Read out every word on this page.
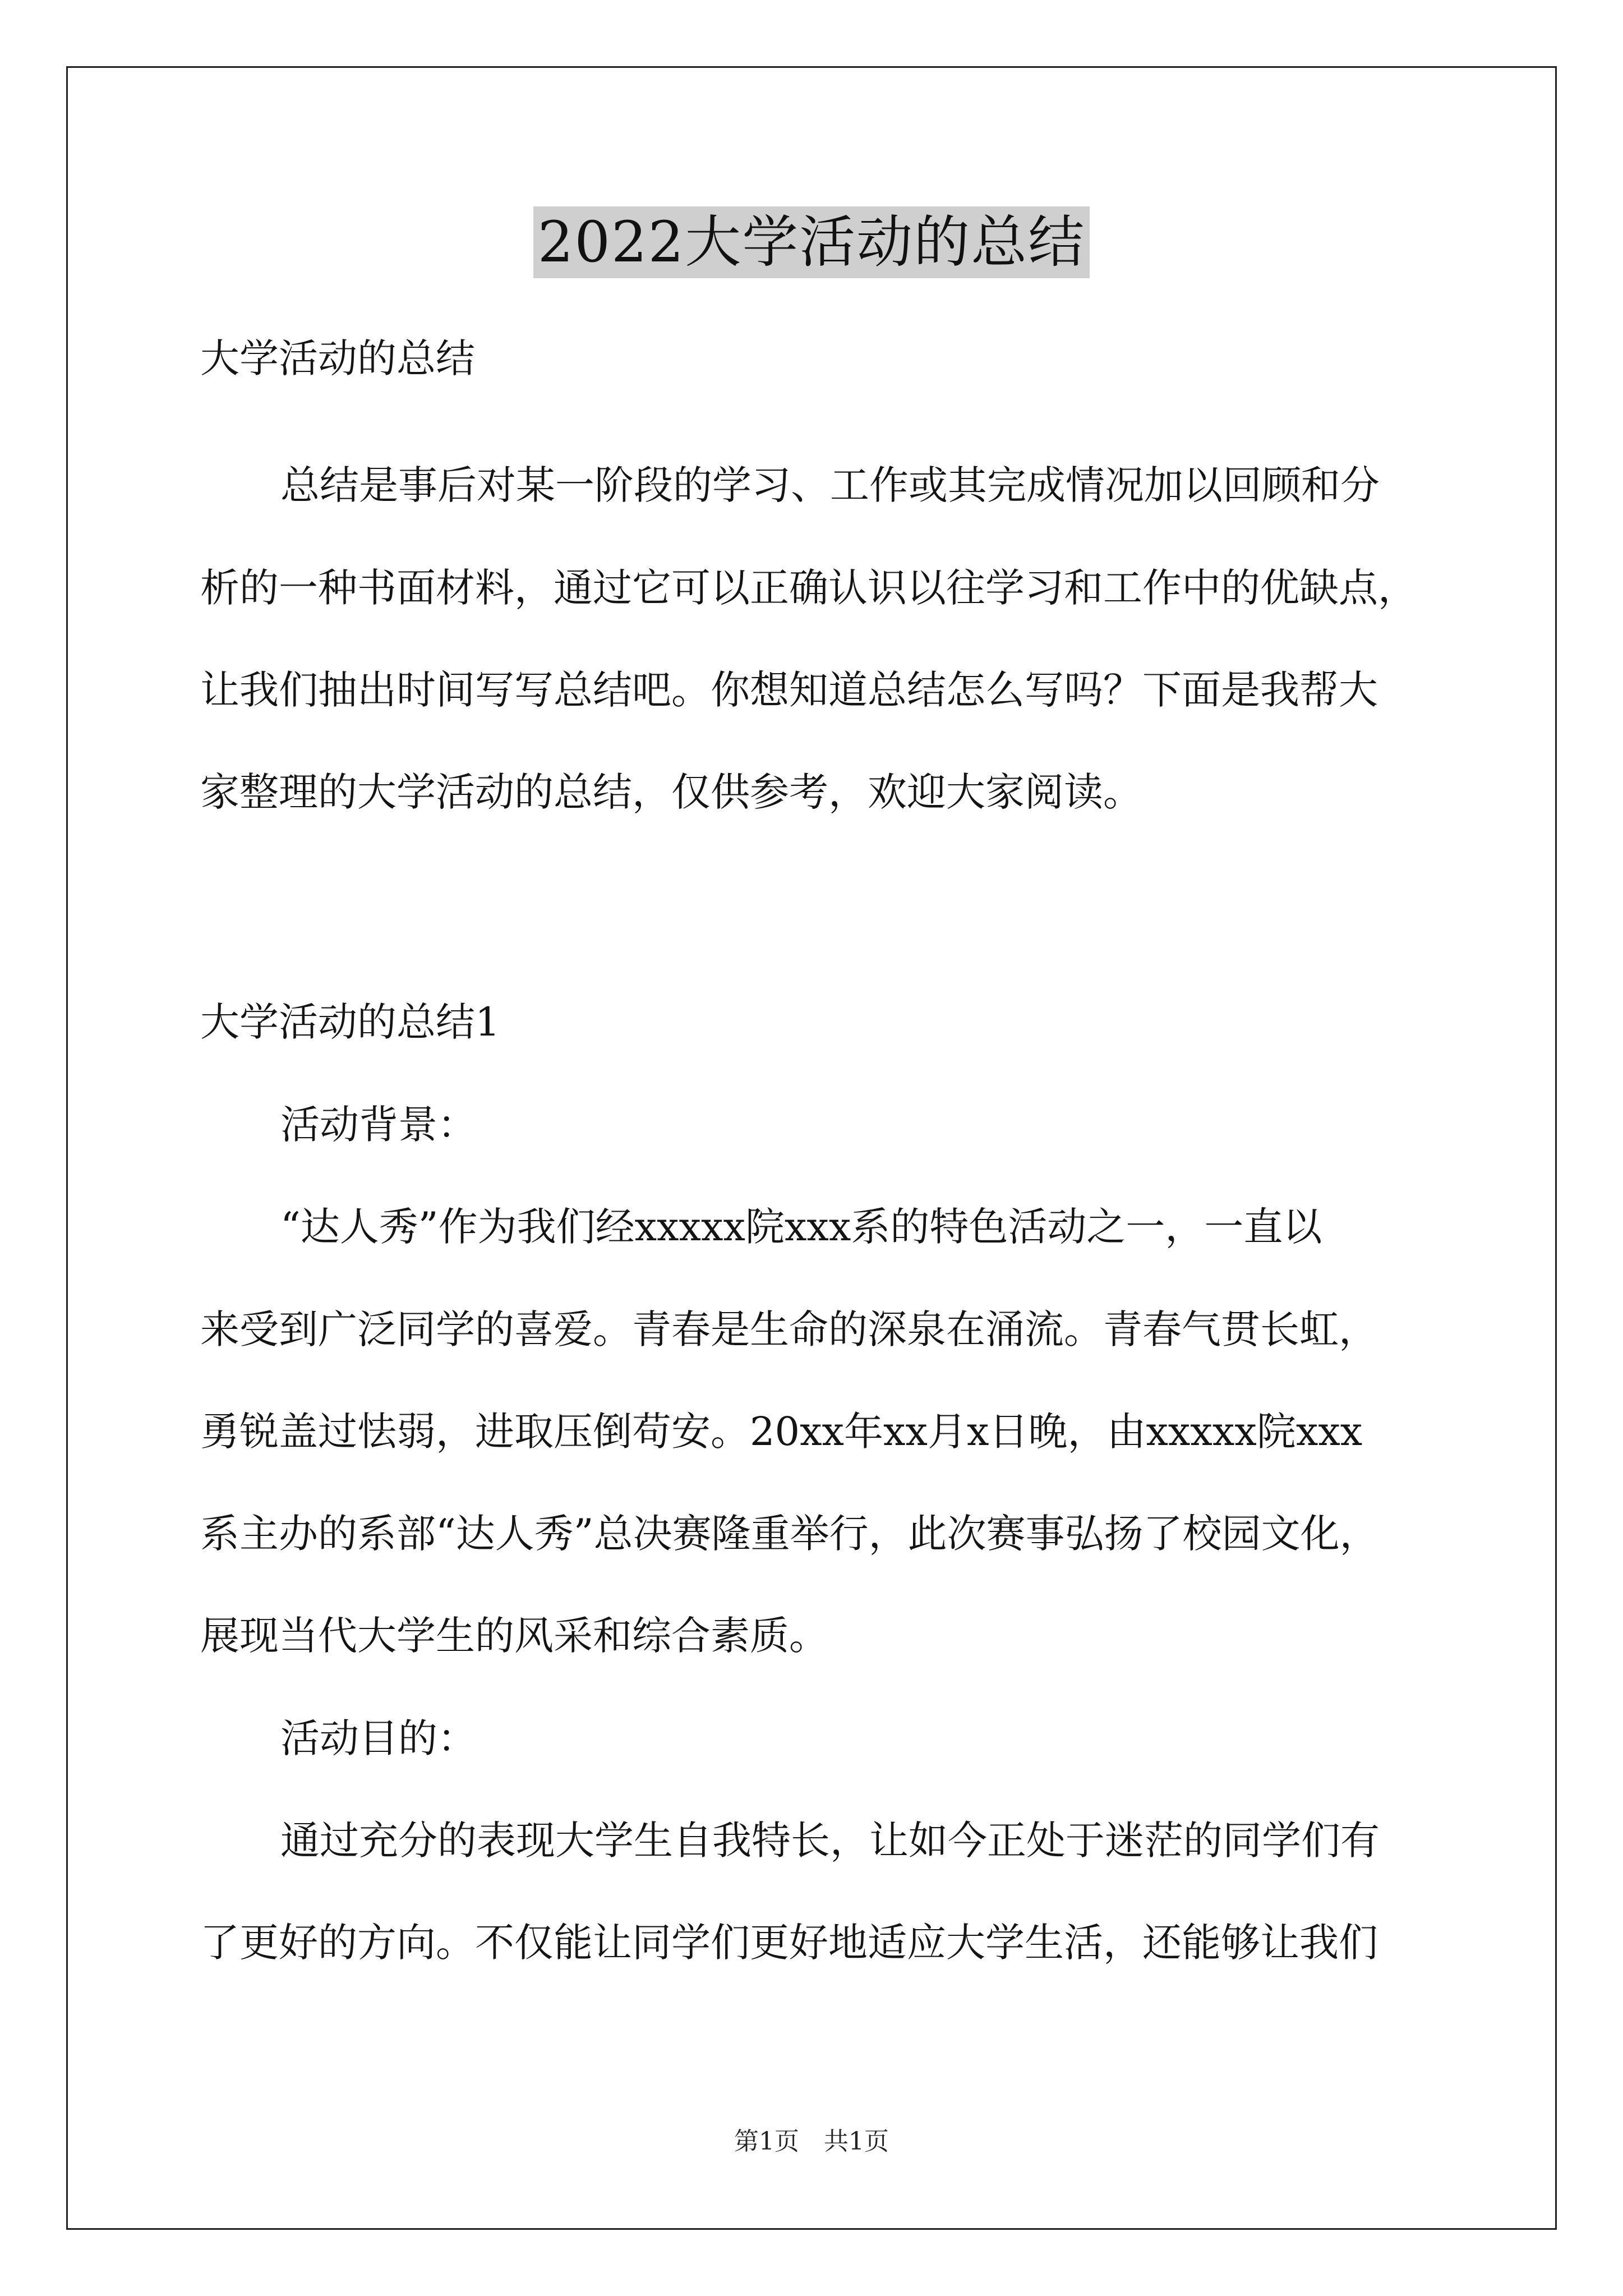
2022大学活动的总结
大学活动的总结
总结是事后对某一阶段的学习、工作或其完成情况加以回顾和分
析的一种书面材料，通过它可以正确认识以往学习和工作中的优缺点，
让我们抽出时间写写总结吧。你想知道总结怎么写吗？下面是我帮大
家整理的大学活动的总结，仅供参考，欢迎大家阅读。
大学活动的总结1
活动背景：
“达人秀”作为我们经xxxxx院xxx系的特色活动之一，一直以
来受到广泛同学的喜爱。青春是生命的深泉在涌流。青春气贯长虹，
勇锐盖过怯弱，进取压倒苟安。20xx年xx月x日晚，由xxxxx院xxx
系主办的系部“达人秀”总决赛隆重举行，此次赛事弘扬了校园文化，
展现当代大学生的风采和综合素质。
活动目的：
通过充分的表现大学生自我特长，让如今正处于迷茫的同学们有
了更好的方向。不仅能让同学们更好地适应大学生活，还能够让我们
第1页　共1页
